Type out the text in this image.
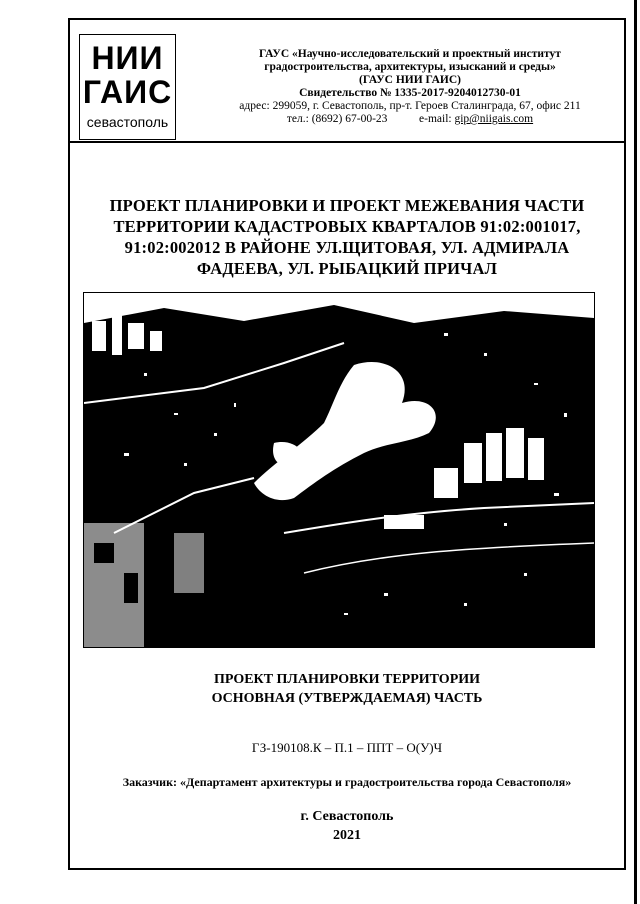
НИИ
ГАИС
севастополь
ГАУС «Научно-исследовательский и проектный институт
градостроительства, архитектуры, изысканий и среды»
(ГАУС НИИ ГАИС)
Свидетельство № 1335-2017-9204012730-01
адрес: 299059, г. Севастополь, пр-т. Героев Сталинграда, 67, офис 211
тел.: (8692) 67-00-23	e-mail: gip@niigais.com
ПРОЕКТ ПЛАНИРОВКИ И ПРОЕКТ МЕЖЕВАНИЯ ЧАСТИ
ТЕРРИТОРИИ КАДАСТРОВЫХ КВАРТАЛОВ 91:02:001017,
91:02:002012 В РАЙОНЕ УЛ.ЩИТОВАЯ, УЛ. АДМИРАЛА
ФАДЕЕВА, УЛ. РЫБАЦКИЙ ПРИЧАЛ
ПРОЕКТ ПЛАНИРОВКИ ТЕРРИТОРИИ
ОСНОВНАЯ (УТВЕРЖДАЕМАЯ) ЧАСТЬ
ГЗ-190108.К – П.1 – ППТ – О(У)Ч
Заказчик: «Департамент архитектуры и градостроительства города Севастополя»
г. Севастополь
2021
